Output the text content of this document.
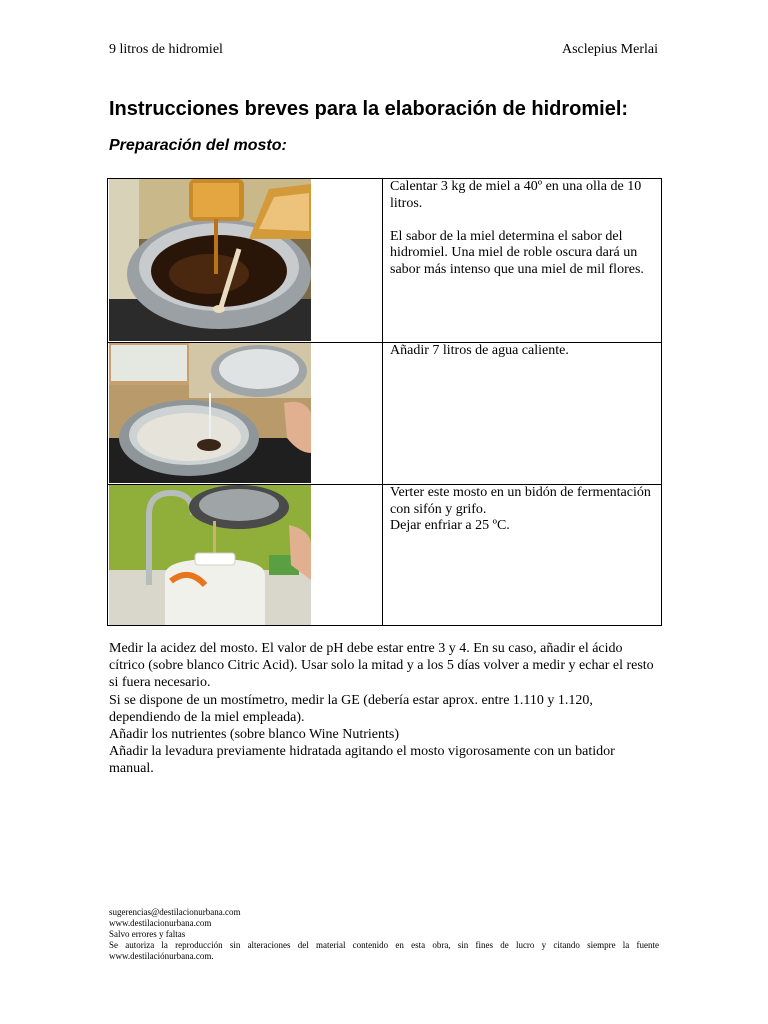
9 litros de hidromiel	Asclepius Merlai
Instrucciones breves para la elaboración de hidromiel:
Preparación del mosto:

Calentar 3 kg de miel a 40º en una olla de 10 litros.

El sabor de la miel determina el sabor del hidromiel. Una miel de roble oscura dará un sabor más intenso que una miel de mil flores.

Añadir 7 litros de agua caliente.

Verter este mosto en un bidón de fermentación con sifón y grifo.
Dejar enfriar a 25 ºC.

Medir la acidez del mosto. El valor de pH debe estar entre 3 y 4. En su caso, añadir el ácido cítrico (sobre blanco Citric Acid). Usar solo la mitad y a los 5 días volver a medir y echar el resto si fuera necesario.

Si se dispone de un mostímetro, medir la GE (debería estar aprox. entre 1.110 y 1.120, dependiendo de la miel empleada).

Añadir los nutrientes (sobre blanco Wine Nutrients)

Añadir la levadura previamente hidratada agitando el mosto vigorosamente con un batidor manual.

sugerencias@destilacionurbana.com

www.destilacionurbana.com

Salvo errores y faltas

Se autoriza la reproducción sin alteraciones del material contenido en esta obra, sin fines de lucro y citando siempre la fuente

www.destilaciónurbana.com.
